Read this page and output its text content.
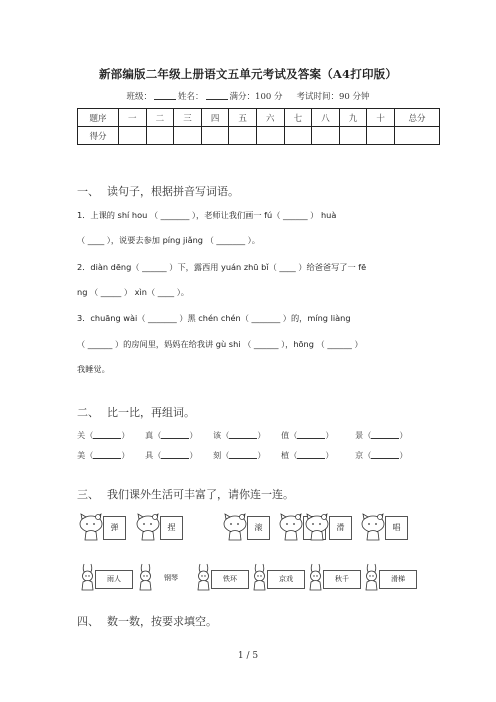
新部编版二年级上册语文五单元考试及答案（A4打印版）
班级：	姓名：	满分：100 分 考试时间：90 分钟
题序	一	二	三	四	五	六	七	八	九	十	总分
得分											
一、 读句子，根据拼音写词语。
1．上课的 shí hou （ _______ ），老师让我们画一 fú（ ______ ） huà
（ ____ ），说要去参加 píng jiǎng （ _______ ）。
2．diàn dēng（ ______ ）下，露西用 yuán zhū bǐ（ ____ ）给爸爸写了一 fē
ng （ _____ ） xìn（ ____ ）。
3．chuāng wài（ _______ ）黑 chén chén（ _______ ）的，míng liàng
（ ______ ）的房间里，妈妈在给我讲 gù shi （ ______ ），hōng （ ______ ）
我睡觉。
二、 比一比，再组词。
关（	） 真（	） 该（	） 值（	）	景（	）
美（	） 具（	） 刻（	） 植（	）	京（	）
三、 我们课外生活可丰富了，请你连一连。
弹	捏	滚	滑	唱
雨人	钢琴	铁环	京戏	秋千	滑梯
四、 数一数，按要求填空。
1 / 5
